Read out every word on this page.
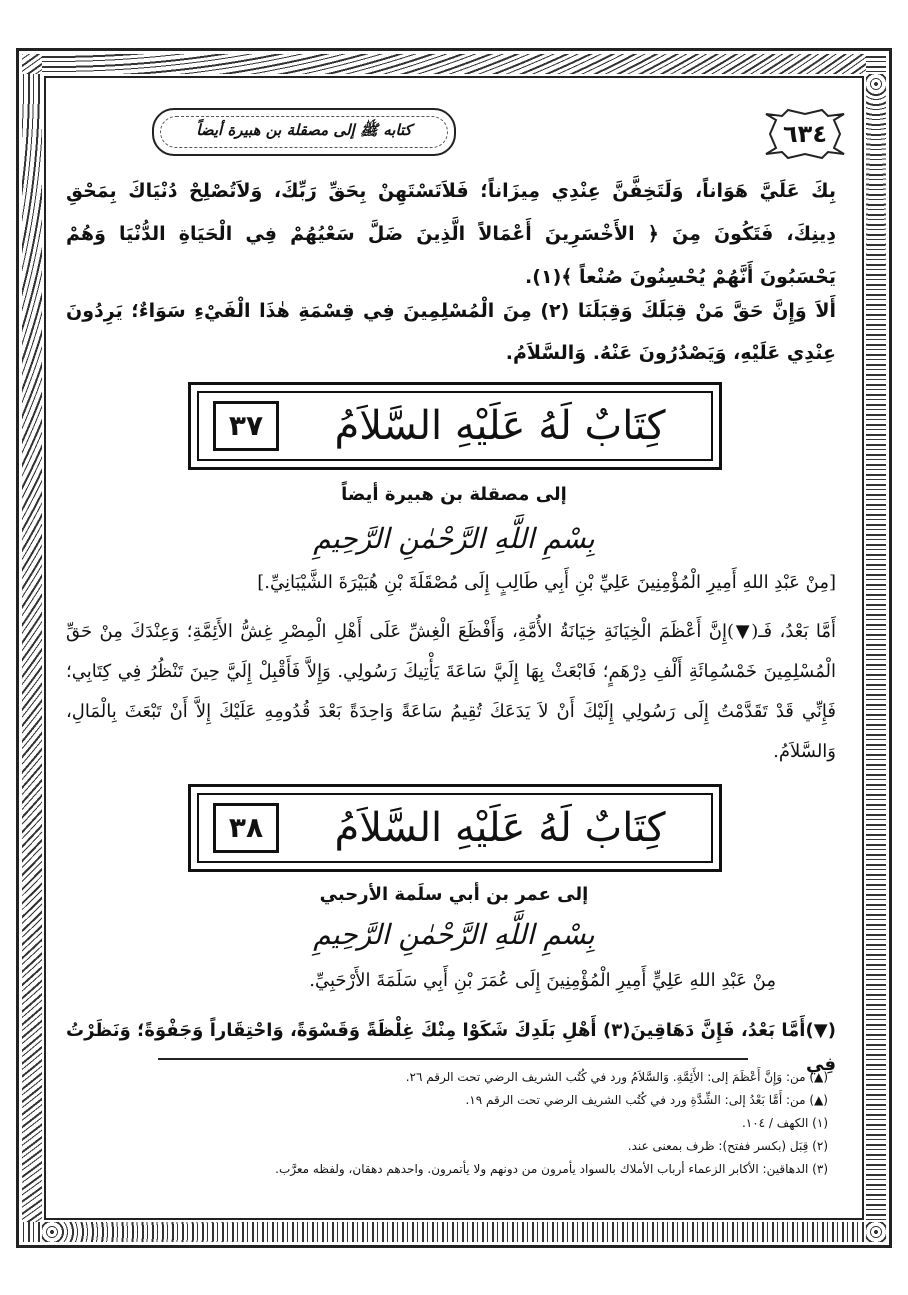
٦٣٤
كتابه ﷺ إلى مصقلة بن هبيرة أيضاً
بِكَ عَلَيَّ هَوَاناً، وَلَتَخِفَّنَّ عِنْدِي مِيزَاناً؛ فَلاَتَسْتَهِنْ بِحَقِّ رَبِّكَ، وَلاَتُصْلِحْ دُنْيَاكَ بِمَحْقِ دِينِكَ، فَتَكُونَ مِنَ ﴿ الأَخْسَرِينَ أَعْمَالاً الَّذِينَ ضَلَّ سَعْيُهُمْ فِي الْحَيَاةِ الدُّنْيَا وَهُمْ يَحْسَبُونَ أَنَّهُمْ يُحْسِنُونَ صُنْعاً ﴾(١).
أَلاَ وَإِنَّ حَقَّ مَنْ قِبَلَكَ وَقِبَلَنَا (٢) مِنَ الْمُسْلِمِينَ فِي قِسْمَةِ هٰذَا الْفَيْءِ سَوَاءٌ؛ يَرِدُونَ عِنْدِي عَلَيْهِ، وَيَصْدُرُونَ عَنْهُ. وَالسَّلاَمُ.
٣٧	كِتَابٌ لَهُ عَلَيْهِ السَّلاَمُ
إلى مصقلة بن هبيرة أيضاً
بِسْمِ اللَّهِ الرَّحْمٰنِ الرَّحِيمِ
[مِنْ عَبْدِ اللهِ أَمِيرِ الْمُؤْمِنِينَ عَلِيِّ بْنِ أَبِي طَالِبٍ إِلَى مُصْقَلَةَ بْنِ هُبَيْرَةَ الشَّيْبَانِيِّ.]
أَمَّا بَعْدُ، فَـ(▼)إِنَّ أَعْظَمَ الْخِيَانَةِ خِيَانَةُ الأُمَّةِ، وَأَفْظَعَ الْغِشِّ عَلَى أَهْلِ الْمِصْرِ غِشُّ الأَئِمَّةِ؛ وَعِنْدَكَ مِنْ حَقِّ الْمُسْلِمِينَ خَمْسُمِائَةِ أَلْفِ دِرْهَمٍ؛ فَابْعَثْ بِهَا إِلَيَّ سَاعَةَ يَأْتِيكَ رَسُولِي. وَإِلاَّ فَأَقْبِلْ إِلَيَّ حِينَ تَنْظُرُ فِي كِتَابِي؛ فَإِنِّي قَدْ تَقَدَّمْتُ إِلَى رَسُولِي إِلَيْكَ أَنْ لاَ يَدَعَكَ تُقِيمُ سَاعَةً وَاحِدَةً بَعْدَ قُدُومِهِ عَلَيْكَ إِلاَّ أَنْ تَبْعَثَ بِالْمَالِ، وَالسَّلاَمُ.
٣٨	كِتَابٌ لَهُ عَلَيْهِ السَّلاَمُ
إلى عمر بن أبي سلَمة الأرحبي
بِسْمِ اللَّهِ الرَّحْمٰنِ الرَّحِيمِ
مِنْ عَبْدِ اللهِ عَلِيٍّ أَمِيرِ الْمُؤْمِنِينَ إِلَى عُمَرَ بْنِ أَبِي سَلَمَةَ الأَرْحَبِيِّ.
(▼)أَمَّا بَعْدُ، فَإِنَّ دَهَاقِينَ(٣) أَهْلِ بَلَدِكَ شَكَوْا مِنْكَ غِلْظَةً وَقَسْوَةً، وَاحْتِقَاراً وَجَفْوَةً؛ وَنَظَرْتُ فِي
(▲) من: وَإِنَّ أَعْظَمَ إلى: الأَئِمَّةِ. وَالسَّلاَمُ ورد في كُتُب الشريف الرضي تحت الرقم ٢٦.
(▲) من: أَمَّا بَعْدُ إلى: الشِّدَّةِ ورد في كُتُب الشريف الرضي تحت الرقم ١٩.
(١) الكهف / ١٠٤.
(٢) قِبَل (بكسر ففتح): ظرف بمعنى عند.
(٣) الدهاقين: الأكابر الزعماء أرباب الأملاك بالسواد يأمرون من دونهم ولا يأتمرون. واحدهم دهقان، ولفظه معرَّب.
